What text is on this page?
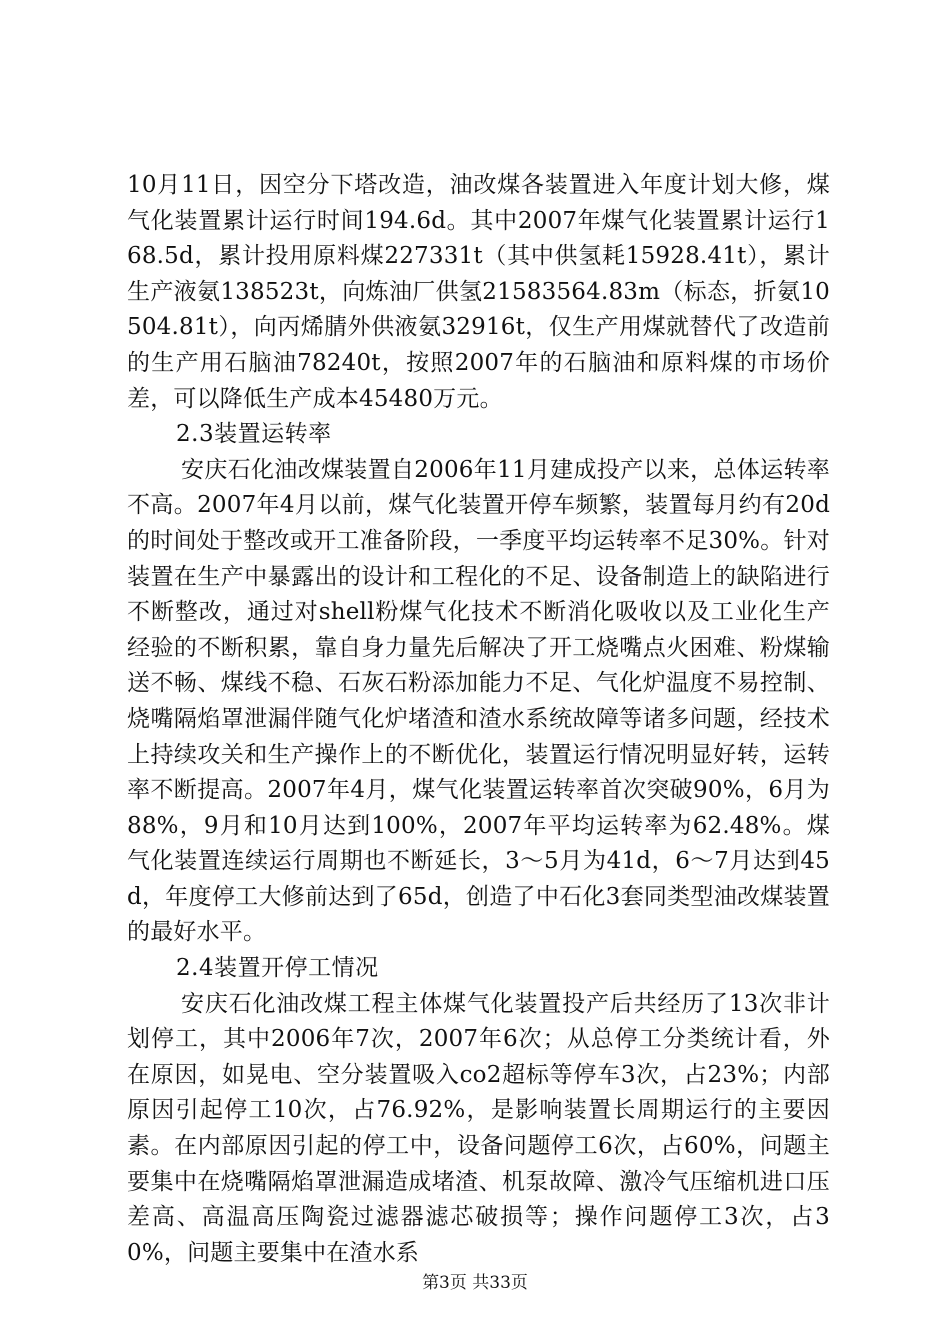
10月11日，因空分下塔改造，油改煤各装置进入年度计划大修，煤气化装置累计运行时间194.6d。其中2007年煤气化装置累计运行168.5d，累计投用原料煤227331t（其中供氢耗15928.41t），累计生产液氨138523t，向炼油厂供氢21583564.83m（标态，折氨10504.81t），向丙烯腈外供液氨32916t，仅生产用煤就替代了改造前的生产用石脑油78240t，按照2007年的石脑油和原料煤的市场价差，可以降低生产成本45480万元。

2.3装置运转率

安庆石化油改煤装置自2006年11月建成投产以来，总体运转率不高。2007年4月以前，煤气化装置开停车频繁，装置每月约有20d的时间处于整改或开工准备阶段，一季度平均运转率不足30%。针对装置在生产中暴露出的设计和工程化的不足、设备制造上的缺陷进行不断整改，通过对shell粉煤气化技术不断消化吸收以及工业化生产经验的不断积累，靠自身力量先后解决了开工烧嘴点火困难、粉煤输送不畅、煤线不稳、石灰石粉添加能力不足、气化炉温度不易控制、烧嘴隔焰罩泄漏伴随气化炉堵渣和渣水系统故障等诸多问题，经技术上持续攻关和生产操作上的不断优化，装置运行情况明显好转，运转率不断提高。2007年4月，煤气化装置运转率首次突破90%，6月为88%，9月和10月达到100%，2007年平均运转率为62.48%。煤气化装置连续运行周期也不断延长，3～5月为41d，6～7月达到45d，年度停工大修前达到了65d，创造了中石化3套同类型油改煤装置的最好水平。

2.4装置开停工情况

安庆石化油改煤工程主体煤气化装置投产后共经历了13次非计划停工，其中2006年7次，2007年6次；从总停工分类统计看，外在原因，如晃电、空分装置吸入co2超标等停车3次，占23%；内部原因引起停工10次，占76.92%，是影响装置长周期运行的主要因素。在内部原因引起的停工中，设备问题停工6次，占60%，问题主要集中在烧嘴隔焰罩泄漏造成堵渣、机泵故障、激冷气压缩机进口压差高、高温高压陶瓷过滤器滤芯破损等；操作问题停工3次，占30%，问题主要集中在渣水系

第3页 共33页
